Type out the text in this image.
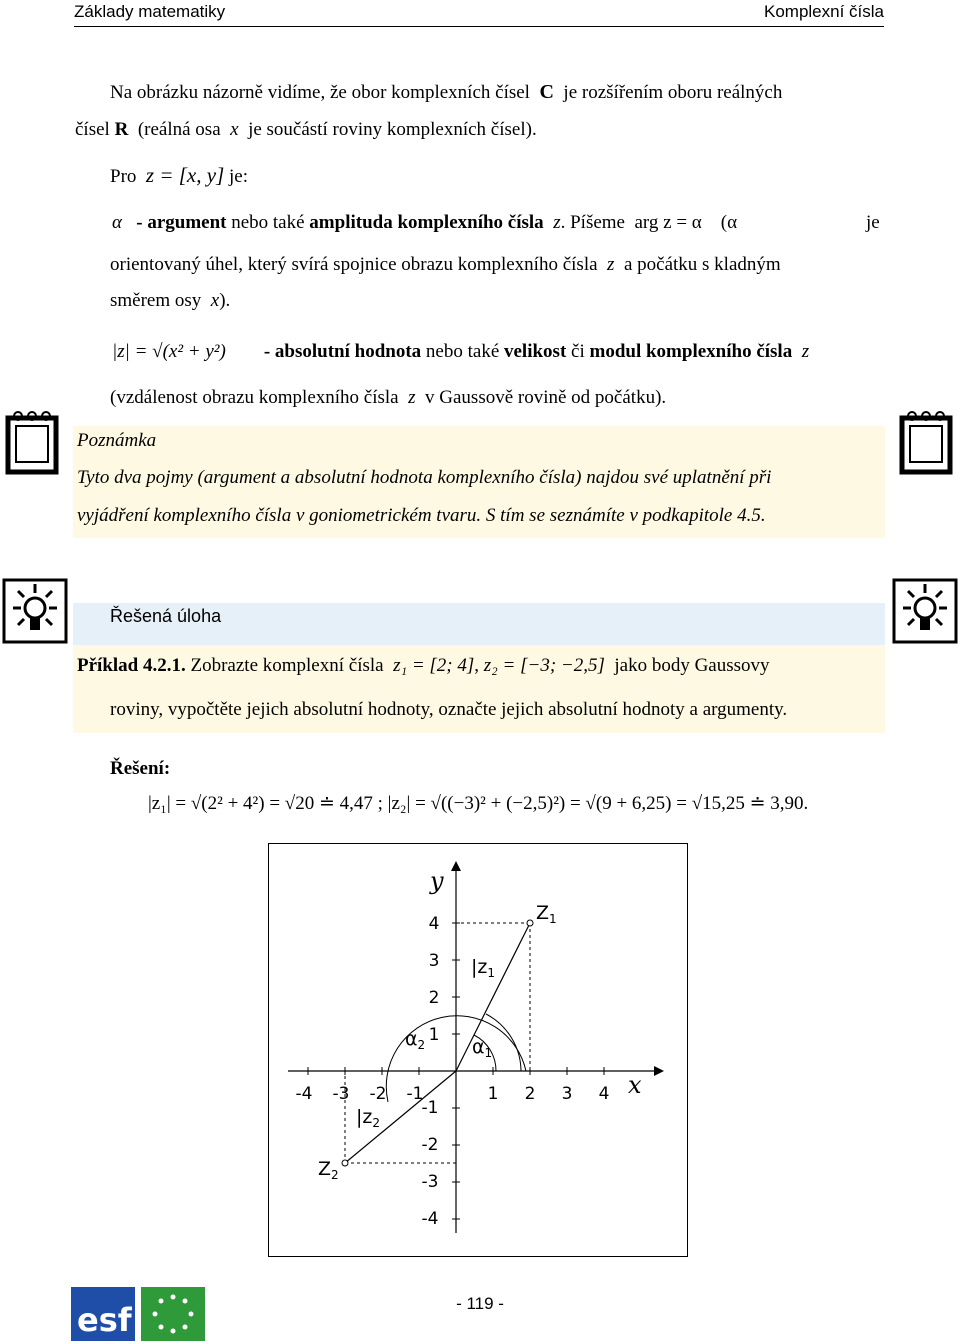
Základy matematiky	Komplexní čísla
Na obrázku názorně vidíme, že obor komplexních čísel C je rozšířením oboru reálných
čísel R (reálná osa x je součástí roviny komplexních čísel).
Pro z = [x, y] je:
α - argument nebo také amplituda komplexního čísla z. Píšeme arg z = α (α	je
orientovaný úhel, který svírá spojnice obrazu komplexního čísla z a počátku s kladným
směrem osy x).
|z| = √(x² + y²) - absolutní hodnota nebo také velikost či modul komplexního čísla z
(vzdálenost obrazu komplexního čísla z v Gaussově rovině od počátku).
Poznámka
Tyto dva pojmy (argument a absolutní hodnota komplexního čísla) najdou své uplatnění při
vyjádření komplexního čísla v goniometrickém tvaru. S tím se seznámíte v podkapitole 4.5.
Řešená úloha
Příklad 4.2.1. Zobrazte komplexní čísla z₁ = [2; 4], z₂ = [−3; −2,5] jako body Gaussovy
roviny, vypočtěte jejich absolutní hodnoty, označte jejich absolutní hodnoty a argumenty.
Řešení:
|z₁| = √(2² + 4²) = √20 ≐ 4,47 ; |z₂| = √((−3)² + (−2,5)²) = √(9 + 6,25) = √15,25 ≐ 3,90.
-4 -3 -2 -1	1 2 3 4
4
3
2
1
-1
-2
-3
-4
x
y
$Z_1$
$Z_2$
$|z_1$
$|z_2$
$\alpha_1$
$\alpha_2$
esf	- 119 -
